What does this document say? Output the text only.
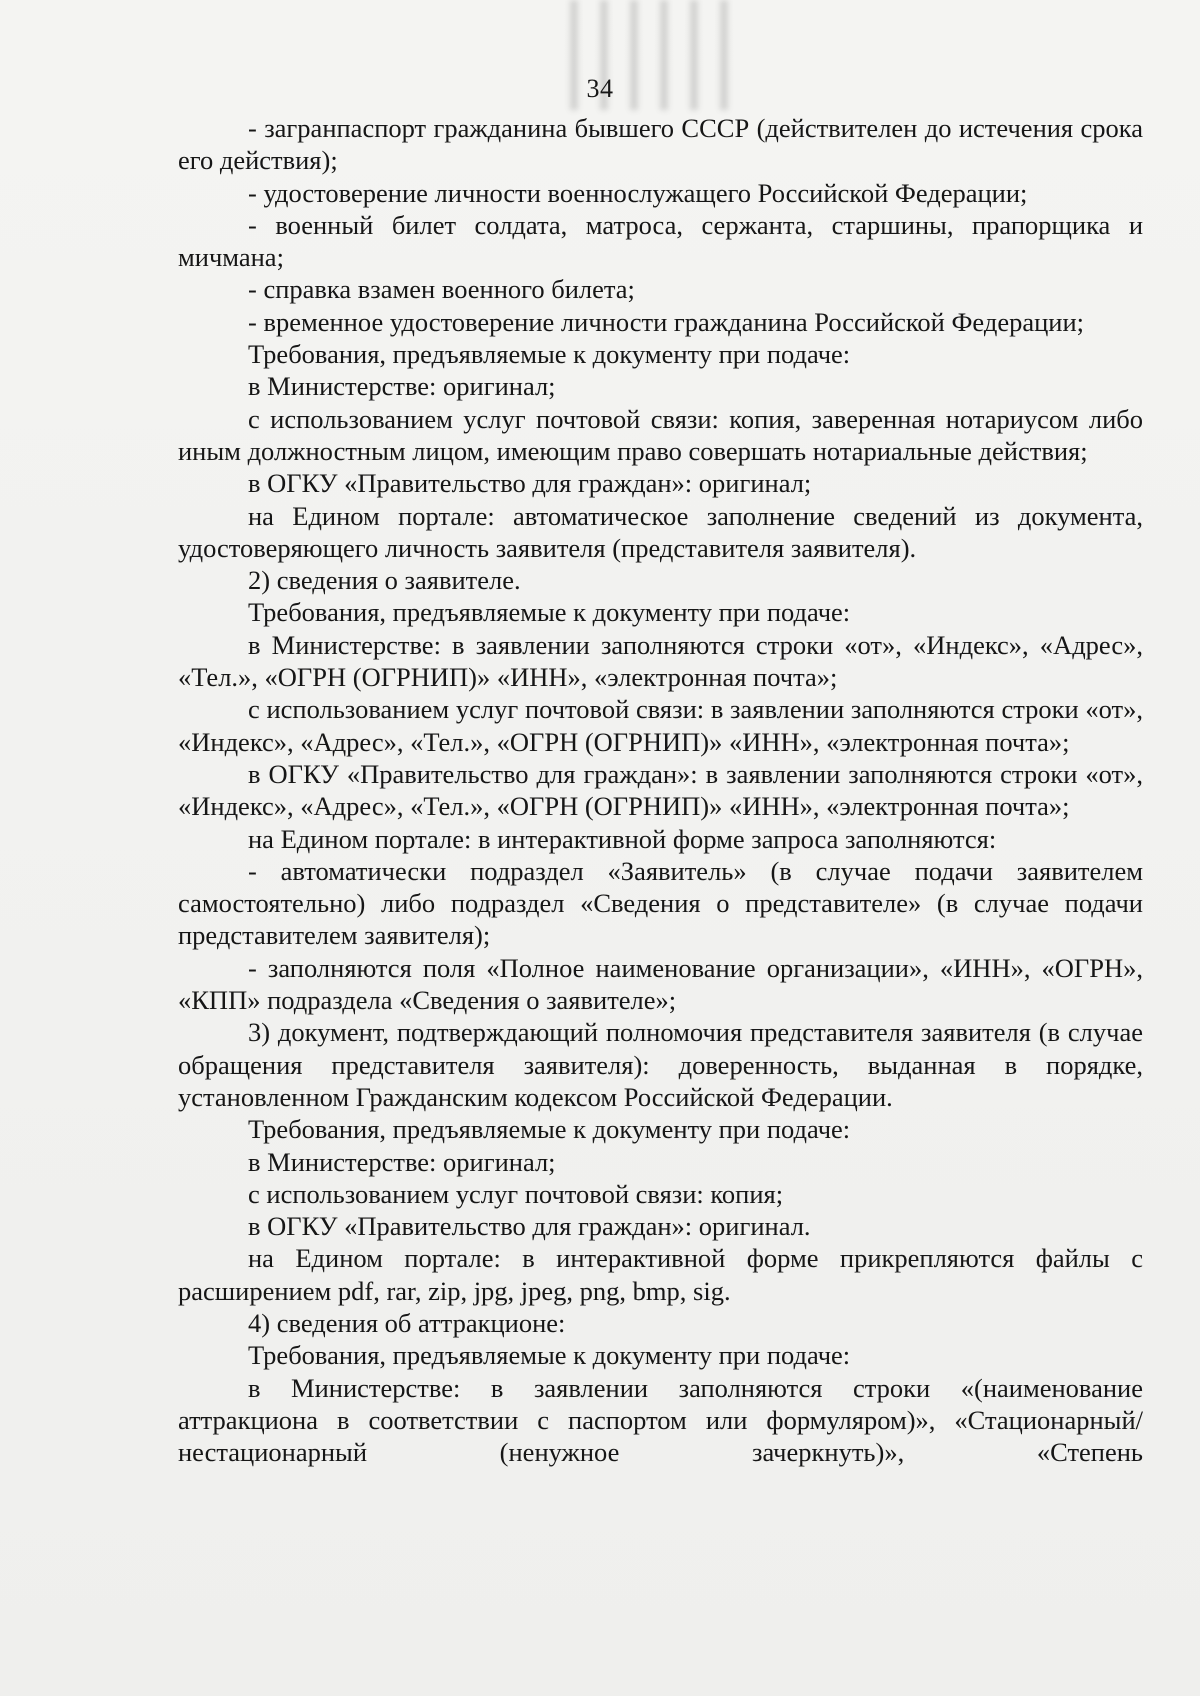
34

- загранпаспорт гражданина бывшего СССР (действителен до истечения срока его действия);

- удостоверение личности военнослужащего Российской Федерации;

- военный билет солдата, матроса, сержанта, старшины, прапорщика и мичмана;

- справка взамен военного билета;

- временное удостоверение личности гражданина Российской Федерации;

Требования, предъявляемые к документу при подаче:

в Министерстве: оригинал;

с использованием услуг почтовой связи: копия, заверенная нотариусом либо иным должностным лицом, имеющим право совершать нотариальные действия;

в ОГКУ «Правительство для граждан»: оригинал;

на Едином портале: автоматическое заполнение сведений из документа, удостоверяющего личность заявителя (представителя заявителя).

2) сведения о заявителе.

Требования, предъявляемые к документу при подаче:

в Министерстве: в заявлении заполняются строки «от», «Индекс», «Адрес», «Тел.», «ОГРН (ОГРНИП)» «ИНН», «электронная почта»;

с использованием услуг почтовой связи: в заявлении заполняются строки «от», «Индекс», «Адрес», «Тел.», «ОГРН (ОГРНИП)» «ИНН», «электронная почта»;

в ОГКУ «Правительство для граждан»: в заявлении заполняются строки «от», «Индекс», «Адрес», «Тел.», «ОГРН (ОГРНИП)» «ИНН», «электронная почта»;

на Едином портале: в интерактивной форме запроса заполняются:

- автоматически подраздел «Заявитель» (в случае подачи заявителем самостоятельно) либо подраздел «Сведения о представителе» (в случае подачи представителем заявителя);

- заполняются поля «Полное наименование организации», «ИНН», «ОГРН», «КПП» подраздела «Сведения о заявителе»;

3) документ, подтверждающий полномочия представителя заявителя (в случае обращения представителя заявителя): доверенность, выданная в порядке, установленном Гражданским кодексом Российской Федерации.

Требования, предъявляемые к документу при подаче:

в Министерстве: оригинал;

с использованием услуг почтовой связи: копия;

в ОГКУ «Правительство для граждан»: оригинал.

на Едином портале: в интерактивной форме прикрепляются файлы с расширением pdf, rar, zip, jpg, jpeg, png, bmp, sig.

4) сведения об аттракционе:

Требования, предъявляемые к документу при подаче:

в Министерстве: в заявлении заполняются строки «(наименование аттракциона в соответствии с паспортом или формуляром)», «Стационарный/нестационарный (ненужное зачеркнуть)», «Степень
